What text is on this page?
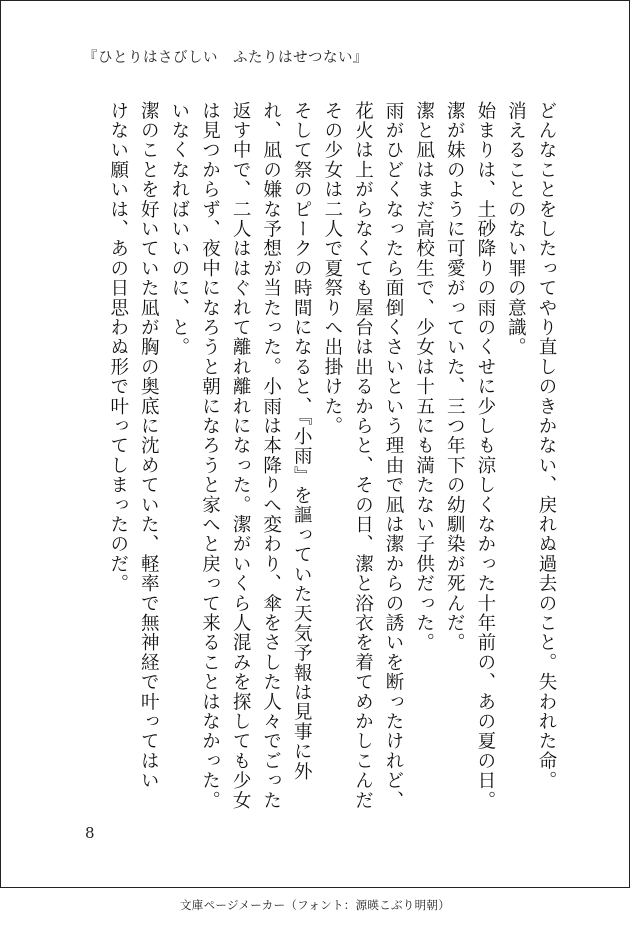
『ひとりはさびしい　ふたりはせつない』
どんなことをしたってやり直しのきかない、戻れぬ過去のこと。失われた命。
消えることのない罪の意識。
始まりは、土砂降りの雨のくせに少しも涼しくなかった十年前の、あの夏の日。
潔が妹のように可愛がっていた、三つ年下の幼馴染が死んだ。
潔と凪はまだ高校生で、少女は十五にも満たない子供だった。
雨がひどくなったら面倒くさいという理由で凪は潔からの誘いを断ったけれど、
花火は上がらなくても屋台は出るからと、その日、潔と浴衣を着てめかしこんだ
その少女は二人で夏祭りへ出掛けた。
そして祭のピークの時間になると、『小雨』を謳っていた天気予報は見事に外
れ、凪の嫌な予想が当たった。小雨は本降りへ変わり、傘をさした人々でごった
返す中で、二人ははぐれて離れ離れになった。潔がいくら人混みを探しても少女
は見つからず、夜中になろうと朝になろうと家へと戻って来ることはなかった。
いなくなればいいのに、と。
潔のことを好いていた凪が胸の奥底に沈めていた、軽率で無神経で叶ってはい
けない願いは、あの日思わぬ形で叶ってしまったのだ。
8
文庫ページメーカー（フォント：源暎こぶり明朝）
